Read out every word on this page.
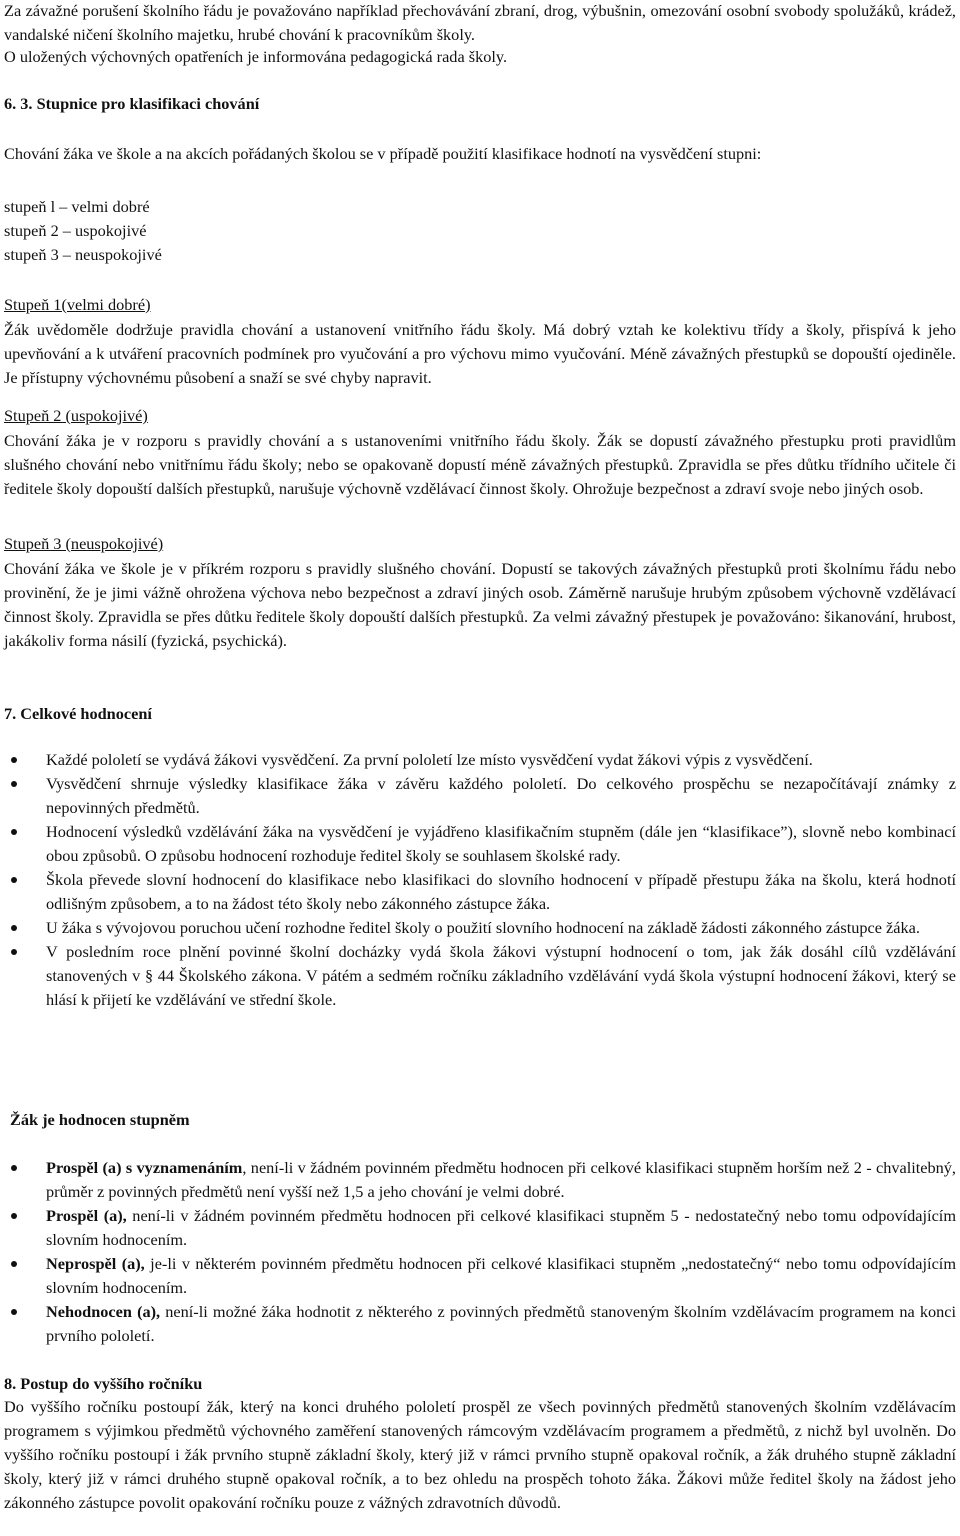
Za závažné porušení školního řádu je považováno například přechovávání zbraní, drog, výbušnin, omezování osobní svobody spolužáků, krádež, vandalské ničení školního majetku, hrubé chování k pracovníkům školy.

O uložených výchovných opatřeních je informována pedagogická rada školy.

6. 3. Stupnice pro klasifikaci chování

Chování žáka ve škole a na akcích pořádaných školou se v případě použití klasifikace hodnotí na vysvědčení stupni:

stupeň l – velmi dobré

stupeň 2 – uspokojivé

stupeň 3 – neuspokojivé

Stupeň 1(velmi dobré)

Žák uvědoměle dodržuje pravidla chování a ustanovení vnitřního řádu školy. Má dobrý vztah ke kolektivu třídy a školy, přispívá k jeho upevňování a k utváření pracovních podmínek pro vyučování a pro výchovu mimo vyučování. Méně závažných přestupků se dopouští ojediněle. Je přístupny výchovnému působení a snaží se své chyby napravit.

Stupeň 2 (uspokojivé)

Chování žáka je v rozporu s pravidly chování a s ustanoveními vnitřního řádu školy. Žák se dopustí závažného přestupku proti pravidlům slušného chování nebo vnitřnímu řádu školy; nebo se opakovaně dopustí méně závažných přestupků. Zpravidla se přes důtku třídního učitele či ředitele školy dopouští dalších přestupků, narušuje výchovně vzdělávací činnost školy. Ohrožuje bezpečnost a zdraví svoje nebo jiných osob.

Stupeň 3 (neuspokojivé)

Chování žáka ve škole je v příkrém rozporu s pravidly slušného chování. Dopustí se takových závažných přestupků proti školnímu řádu nebo provinění, že je jimi vážně ohrožena výchova nebo bezpečnost a zdraví jiných osob. Záměrně narušuje hrubým způsobem výchovně vzdělávací činnost školy. Zpravidla se přes důtku ředitele školy dopouští dalších přestupků. Za velmi závažný přestupek je považováno: šikanování, hrubost, jakákoliv forma násilí (fyzická, psychická).

7. Celkové hodnocení

Každé pololetí se vydává žákovi vysvědčení. Za první pololetí lze místo vysvědčení vydat žákovi výpis z vysvědčení.
Vysvědčení shrnuje výsledky klasifikace žáka v závěru každého pololetí. Do celkového prospěchu se nezapočítávají známky z nepovinných předmětů.
Hodnocení výsledků vzdělávání žáka na vysvědčení je vyjádřeno klasifikačním stupněm (dále jen “klasifikace”), slovně nebo kombinací obou způsobů. O způsobu hodnocení rozhoduje ředitel školy se souhlasem školské rady.
Škola převede slovní hodnocení do klasifikace nebo klasifikaci do slovního hodnocení v případě přestupu žáka na školu, která hodnotí odlišným způsobem, a to na žádost této školy nebo zákonného zástupce žáka.
U žáka s vývojovou poruchou učení rozhodne ředitel školy o použití slovního hodnocení na základě žádosti zákonného zástupce žáka.
V posledním roce plnění povinné školní docházky vydá škola žákovi výstupní hodnocení o tom, jak žák dosáhl cílů vzdělávání stanovených v § 44 Školského zákona. V pátém a sedmém ročníku základního vzdělávání vydá škola výstupní hodnocení žákovi, který se hlásí k přijetí ke vzdělávání ve střední škole.

Žák je hodnocen stupněm

Prospěl (a) s vyznamenáním, není-li v žádném povinném předmětu hodnocen při celkové klasifikaci stupněm horším než 2 - chvalitebný, průměr z povinných předmětů není vyšší než 1,5 a jeho chování je velmi dobré.
Prospěl (a), není-li v žádném povinném předmětu hodnocen při celkové klasifikaci stupněm 5 - nedostatečný nebo tomu odpovídajícím slovním hodnocením.
Neprospěl (a), je-li v některém povinném předmětu hodnocen při celkové klasifikaci stupněm „nedostatečný“ nebo tomu odpovídajícím slovním hodnocením.
Nehodnocen (a), není-li možné žáka hodnotit z některého z povinných předmětů stanoveným školním vzdělávacím programem na konci prvního pololetí.

8. Postup do vyššího ročníku

Do vyššího ročníku postoupí žák, který na konci druhého pololetí prospěl ze všech povinných předmětů stanovených školním vzdělávacím programem s výjimkou předmětů výchovného zaměření stanovených rámcovým vzdělávacím programem a předmětů, z nichž byl uvolněn. Do vyššího ročníku postoupí i žák prvního stupně základní školy, který již v rámci prvního stupně opakoval ročník, a žák druhého stupně základní školy, který již v rámci druhého stupně opakoval ročník, a to bez ohledu na prospěch tohoto žáka. Žákovi může ředitel školy na žádost jeho zákonného zástupce povolit opakování ročníku pouze z vážných zdravotních důvodů.
